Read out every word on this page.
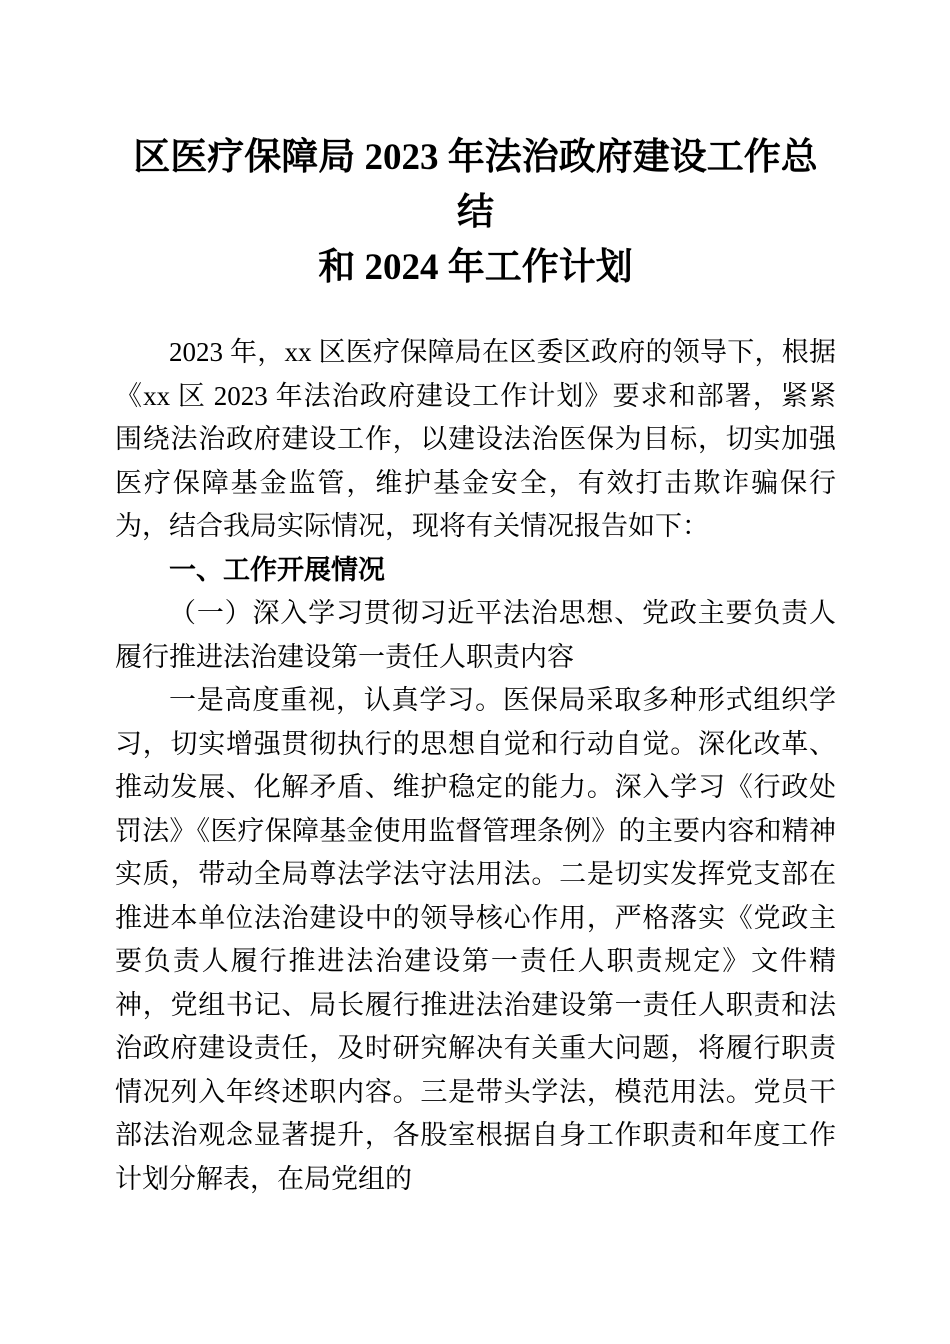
区医疗保障局 2023 年法治政府建设工作总结
和 2024 年工作计划

2023 年，xx 区医疗保障局在区委区政府的领导下，根据《xx 区 2023 年法治政府建设工作计划》要求和部署，紧紧围绕法治政府建设工作，以建设法治医保为目标，切实加强医疗保障基金监管，维护基金安全，有效打击欺诈骗保行为，结合我局实际情况，现将有关情况报告如下：

一、工作开展情况
（一）深入学习贯彻习近平法治思想、党政主要负责人履行推进法治建设第一责任人职责内容

一是高度重视，认真学习。医保局采取多种形式组织学习，切实增强贯彻执行的思想自觉和行动自觉。深化改革、推动发展、化解矛盾、维护稳定的能力。深入学习《行政处罚法》《医疗保障基金使用监督管理条例》的主要内容和精神实质，带动全局尊法学法守法用法。二是切实发挥党支部在推进本单位法治建设中的领导核心作用，严格落实《党政主要负责人履行推进法治建设第一责任人职责规定》文件精神，党组书记、局长履行推进法治建设第一责任人职责和法治政府建设责任，及时研究解决有关重大问题，将履行职责情况列入年终述职内容。三是带头学法，模范用法。党员干部法治观念显著提升，各股室根据自身工作职责和年度工作计划分解表，在局党组的
